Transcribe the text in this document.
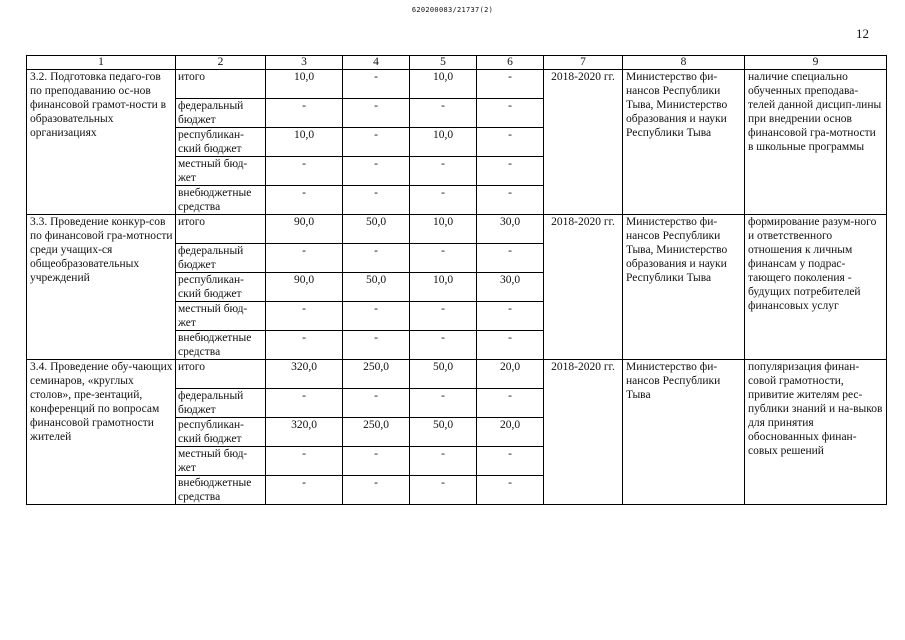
620200083/21737(2)
12
1	2	3	4	5	6	7	8	9
3.2. Подготовка педаго-гов по преподаванию ос-нов финансовой грамот-ности в образовательных организациях	итого	10,0	-	10,0	-	2018-2020 гг.	Министерство фи-нансов Республики Тыва, Министерство образования и науки Республики Тыва	наличие специально обученных преподава-телей данной дисцип-лины при внедрении основ финансовой гра-мотности в школьные программы
	федеральный бюджет	-	-	-	-			
	республикан-ский бюджет	10,0	-	10,0	-			
	местный бюд-жет	-	-	-	-			
	внебюджетные средства	-	-	-	-			
3.3. Проведение конкур-сов по финансовой гра-мотности среди учащих-ся общеобразовательных учреждений	итого	90,0	50,0	10,0	30,0	2018-2020 гг.	Министерство фи-нансов Республики Тыва, Министерство образования и науки Республики Тыва	формирование разум-ного и ответственного отношения к личным финансам у подрас-тающего поколения - будущих потребителей финансовых услуг
	федеральный бюджет	-	-	-	-			
	республикан-ский бюджет	90,0	50,0	10,0	30,0			
	местный бюд-жет	-	-	-	-			
	внебюджетные средства	-	-	-	-			
3.4. Проведение обу-чающих семинаров, «круглых столов», пре-зентаций, конференций по вопросам финансовой грамотности жителей	итого	320,0	250,0	50,0	20,0	2018-2020 гг.	Министерство фи-нансов Республики Тыва	популяризация финан-совой грамотности, привитие жителям рес-публики знаний и на-выков для принятия обоснованных финан-совых решений
	федеральный бюджет	-	-	-	-			
	республикан-ский бюджет	320,0	250,0	50,0	20,0			
	местный бюд-жет	-	-	-	-			
	внебюджетные средства	-	-	-	-			
